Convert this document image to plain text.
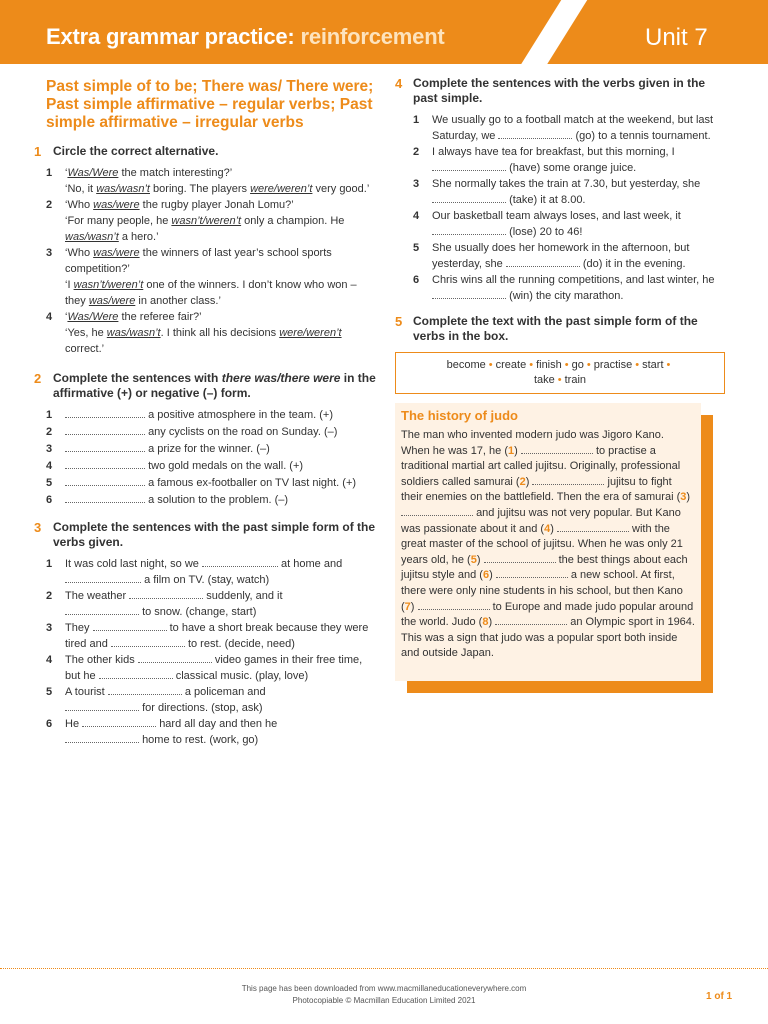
Extra grammar practice: reinforcement	Unit 7
Past simple of to be; There was/ There were; Past simple affirmative – regular verbs; Past simple affirmative – irregular verbs
1 Circle the correct alternative.
1 ‘Was/Were the match interesting?’
‘No, it was/wasn’t boring. The players were/weren’t very good.’
2 ‘Who was/were the rugby player Jonah Lomu?’
‘For many people, he wasn’t/weren’t only a champion. He was/wasn’t a hero.’
3 ‘Who was/were the winners of last year’s school sports competition?’
‘I wasn’t/weren’t one of the winners. I don’t know who won – they was/were in another class.’
4 ‘Was/Were the referee fair?’
‘Yes, he was/wasn’t. I think all his decisions were/weren’t correct.’
2 Complete the sentences with there was/there were in the affirmative (+) or negative (–) form.
1	a positive atmosphere in the team. (+)
2	any cyclists on the road on Sunday. (–)
3	a prize for the winner. (–)
4	two gold medals on the wall. (+)
5	a famous ex-footballer on TV last night. (+)
6	a solution to the problem. (–)
3 Complete the sentences with the past simple form of the verbs given.
1 It was cold last night, so we	at home and  a film on TV. (stay, watch)
2 The weather	suddenly, and it
to snow. (change, start)
3 They	to have a short break because they were tired and	to rest. (decide, need)
4 The other kids	video games in their free time, but he	classical music. (play, love)
5 A tourist	a policeman and
for directions. (stop, ask)
6 He	hard all day and then he
home to rest. (work, go)
4 Complete the sentences with the verbs given in the past simple.
1 We usually go to a football match at the weekend, but last Saturday, we	(go) to a tennis tournament.
2 I always have tea for breakfast, but this morning, I  (have) some orange juice.
3 She normally takes the train at 7.30, but yesterday, she  (take) it at 8.00.
4 Our basketball team always loses, and last week, it  (lose) 20 to 46!
5 She usually does her homework in the afternoon, but yesterday, she	(do) it in the evening.
6 Chris wins all the running competitions, and last winter, he  (win) the city marathon.
5 Complete the text with the past simple form of the verbs in the box.
become • create • finish • go • practise • start •
take • train
The history of judo
The man who invented modern judo was Jigoro Kano. When he was 17, he (1)	to practise a traditional martial art called jujitsu. Originally, professional soldiers called samurai (2)	jujitsu to fight their enemies on the battlefield. Then the era of samurai (3)  and jujitsu was not very popular. But Kano was passionate about it and (4)	with the great master of the school of jujitsu. When he was only 21 years old, he (5)	the best things about each jujitsu style and (6)	a new school. At first, there were only nine students in his school, but then Kano (7)	to Europe and made judo popular around the world. Judo (8)	an Olympic sport in 1964. This was a sign that judo was a popular sport both inside and outside Japan.
This page has been downloaded from www.macmillaneducationeverywhere.com
Photocopiable © Macmillan Education Limited 2021	1 of 1
